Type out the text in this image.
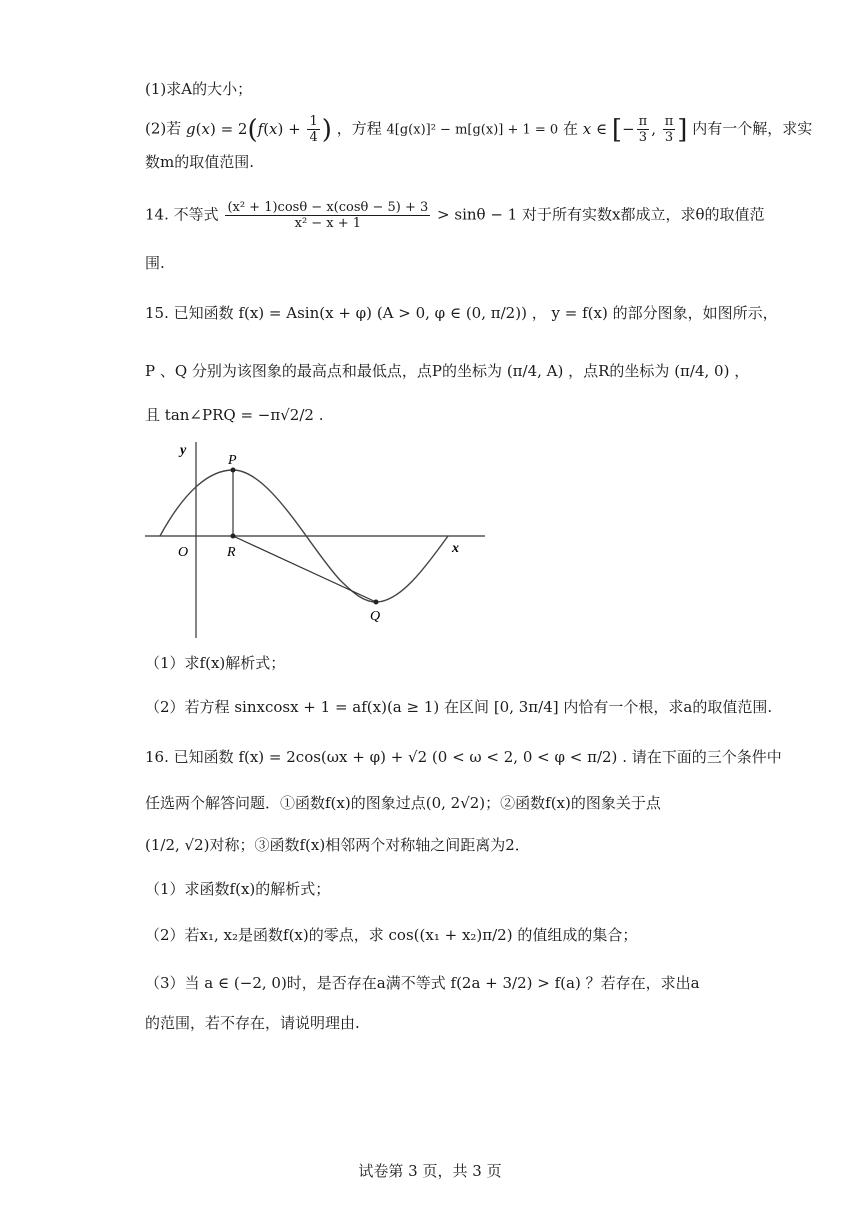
(1)求A的大小；
(2)若 $g(x) = 2(f(x) + \frac{1}{4}$ ) ，方程 4[g(x)]² − m[g(x)] + 1 = 0 在 x ∈ [− $\frac{\pi}{3}$ , $\frac{\pi}{3}$ ] 内有一个解，求实
数m的取值范围.
14. 不等式 $\frac{\text{(x² + 1)cosθ − x(cosθ − 5) + 3}}{\text{x² − x + 1}} > \sin\theta - 1$ 对于所有实数x都成立，求θ的取值范
围.
15. 已知函数 f(x) = Asin(x + φ) (A > 0, φ ∈ (0, π/2)) ， y = f(x) 的部分图象，如图所示，
P 、Q 分别为该图象的最高点和最低点，点P的坐标为 (π/4, A) ，点R的坐标为 (π/4, 0) ，
且 tan∠PRQ = −π√2/2 .
y
x
P
O	R
Q
（1）求f(x)解析式；
（2）若方程 sinxcosx + 1 = af(x)(a ≥ 1) 在区间 [0, 3π/4] 内恰有一个根，求a的取值范围.
16. 已知函数 f(x) = 2cos(ωx + φ) + √2 (0 < ω < 2, 0 < φ < π/2) . 请在下面的三个条件中
任选两个解答问题．①函数f(x)的图象过点(0, 2√2)；②函数f(x)的图象关于点
(1/2, √2)对称；③函数f(x)相邻两个对称轴之间距离为2．
（1）求函数f(x)的解析式；
（2）若x₁, x₂是函数f(x)的零点，求 cos((x₁ + x₂)π/2) 的值组成的集合；
（3）当 a ∈ (−2, 0)时，是否存在a满不等式 f(2a + 3/2) > f(a) ？若存在，求出a
的范围，若不存在，请说明理由.
试卷第 3 页，共 3 页
